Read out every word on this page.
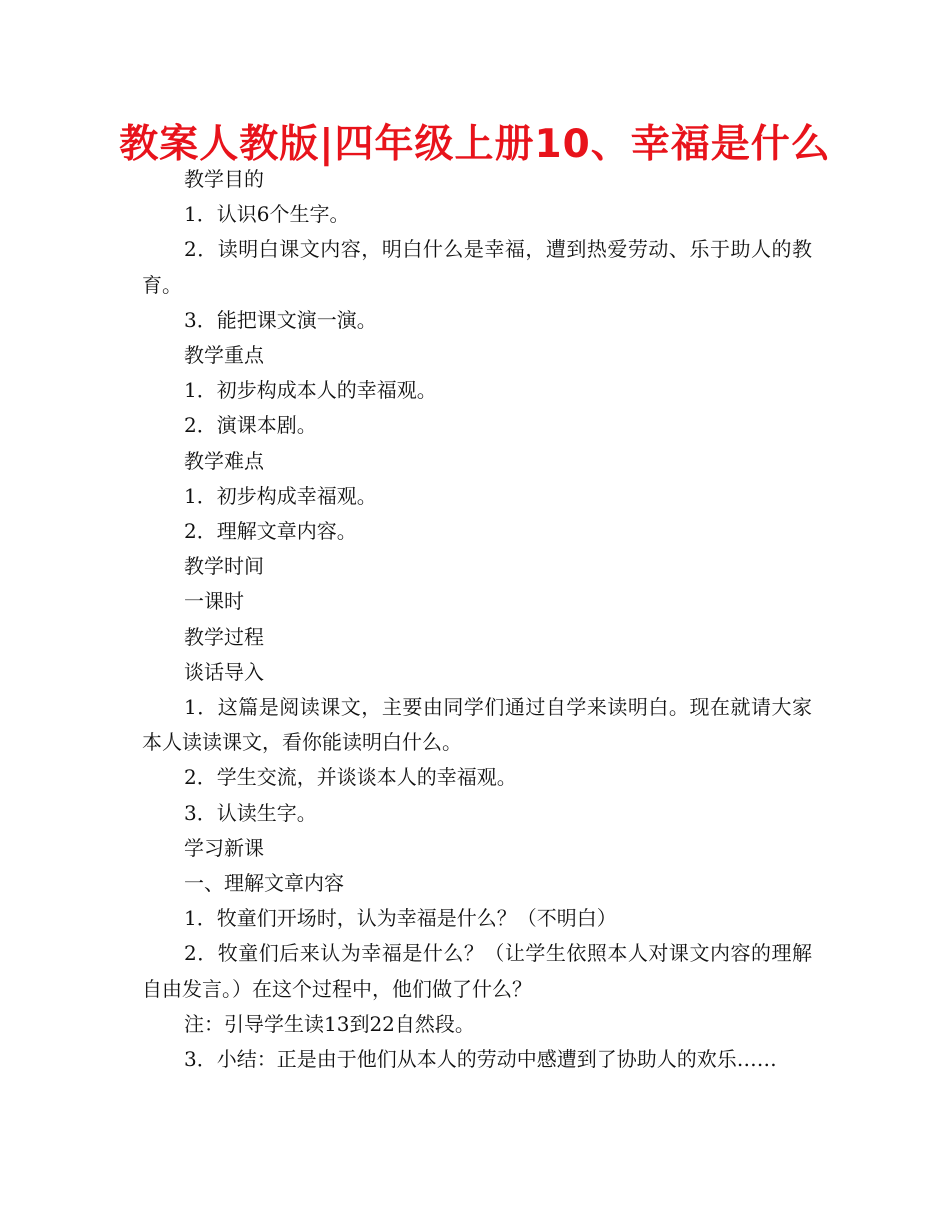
教案人教版|四年级上册10、幸福是什么

教学目的

1．认识6个生字。

2．读明白课文内容，明白什么是幸福，遭到热爱劳动、乐于助人的教育。

3．能把课文演一演。

教学重点

1．初步构成本人的幸福观。

2．演课本剧。

教学难点

1．初步构成幸福观。

2．理解文章内容。

教学时间

一课时

教学过程

谈话导入

1．这篇是阅读课文，主要由同学们通过自学来读明白。现在就请大家本人读读课文，看你能读明白什么。

2．学生交流，并谈谈本人的幸福观。

3．认读生字。

学习新课

一、理解文章内容

1．牧童们开场时，认为幸福是什么？（不明白）

2．牧童们后来认为幸福是什么？（让学生依照本人对课文内容的理解自由发言。）在这个过程中，他们做了什么？

注：引导学生读13到22自然段。

3．小结：正是由于他们从本人的劳动中感遭到了协助人的欢乐……
